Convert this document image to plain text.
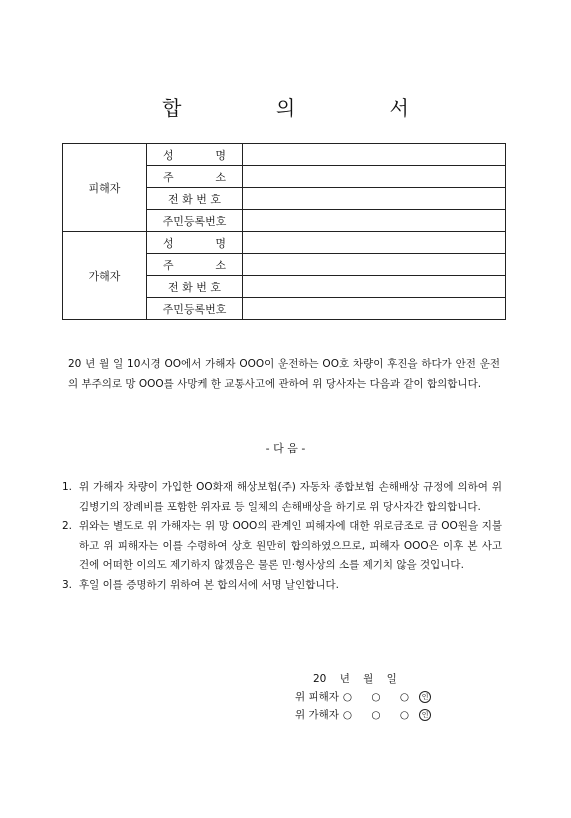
합 의 서
피해자	성 명	

	주 소	

	전 화 번 호	
	주민등록번호	
가해자	성 명	

	주 소	

	전 화 번 호	
	주민등록번호	
20 년 월 일 10시경 OO에서 가해자 OOO이 운전하는 OO호 차량이 후진을 하다가 안전 운전의 부주의로 망 OOO를 사망케 한 교통사고에 관하여 위 당사자는 다음과 같이 합의합니다.
- 다 음 -
1. 위 가해자 차량이 가입한 OO화재 해상보험(주) 자동차 종합보험 손해배상 규정에 의하여 위 김병기의 장례비를 포함한 위자료 등 일체의 손해배상을 하기로 위 당사자간 합의합니다.
2. 위와는 별도로 위 가해자는 위 망 OOO의 관계인 피해자에 대한 위로금조로 금 OO원을 지불하고 위 피해자는 이를 수령하여 상호 원만히 합의하였으므로, 피해자 OOO은 이후 본 사고 건에 어떠한 이의도 제기하지 않겠음은 물론 민·형사상의 소를 제기치 않을 것입니다.
3. 후일 이를 증명하기 위하여 본 합의서에 서명 날인합니다.
20 년 월 일
위 피해자 ○ ○ ○ 인
위 가해자 ○ ○ ○ 인
